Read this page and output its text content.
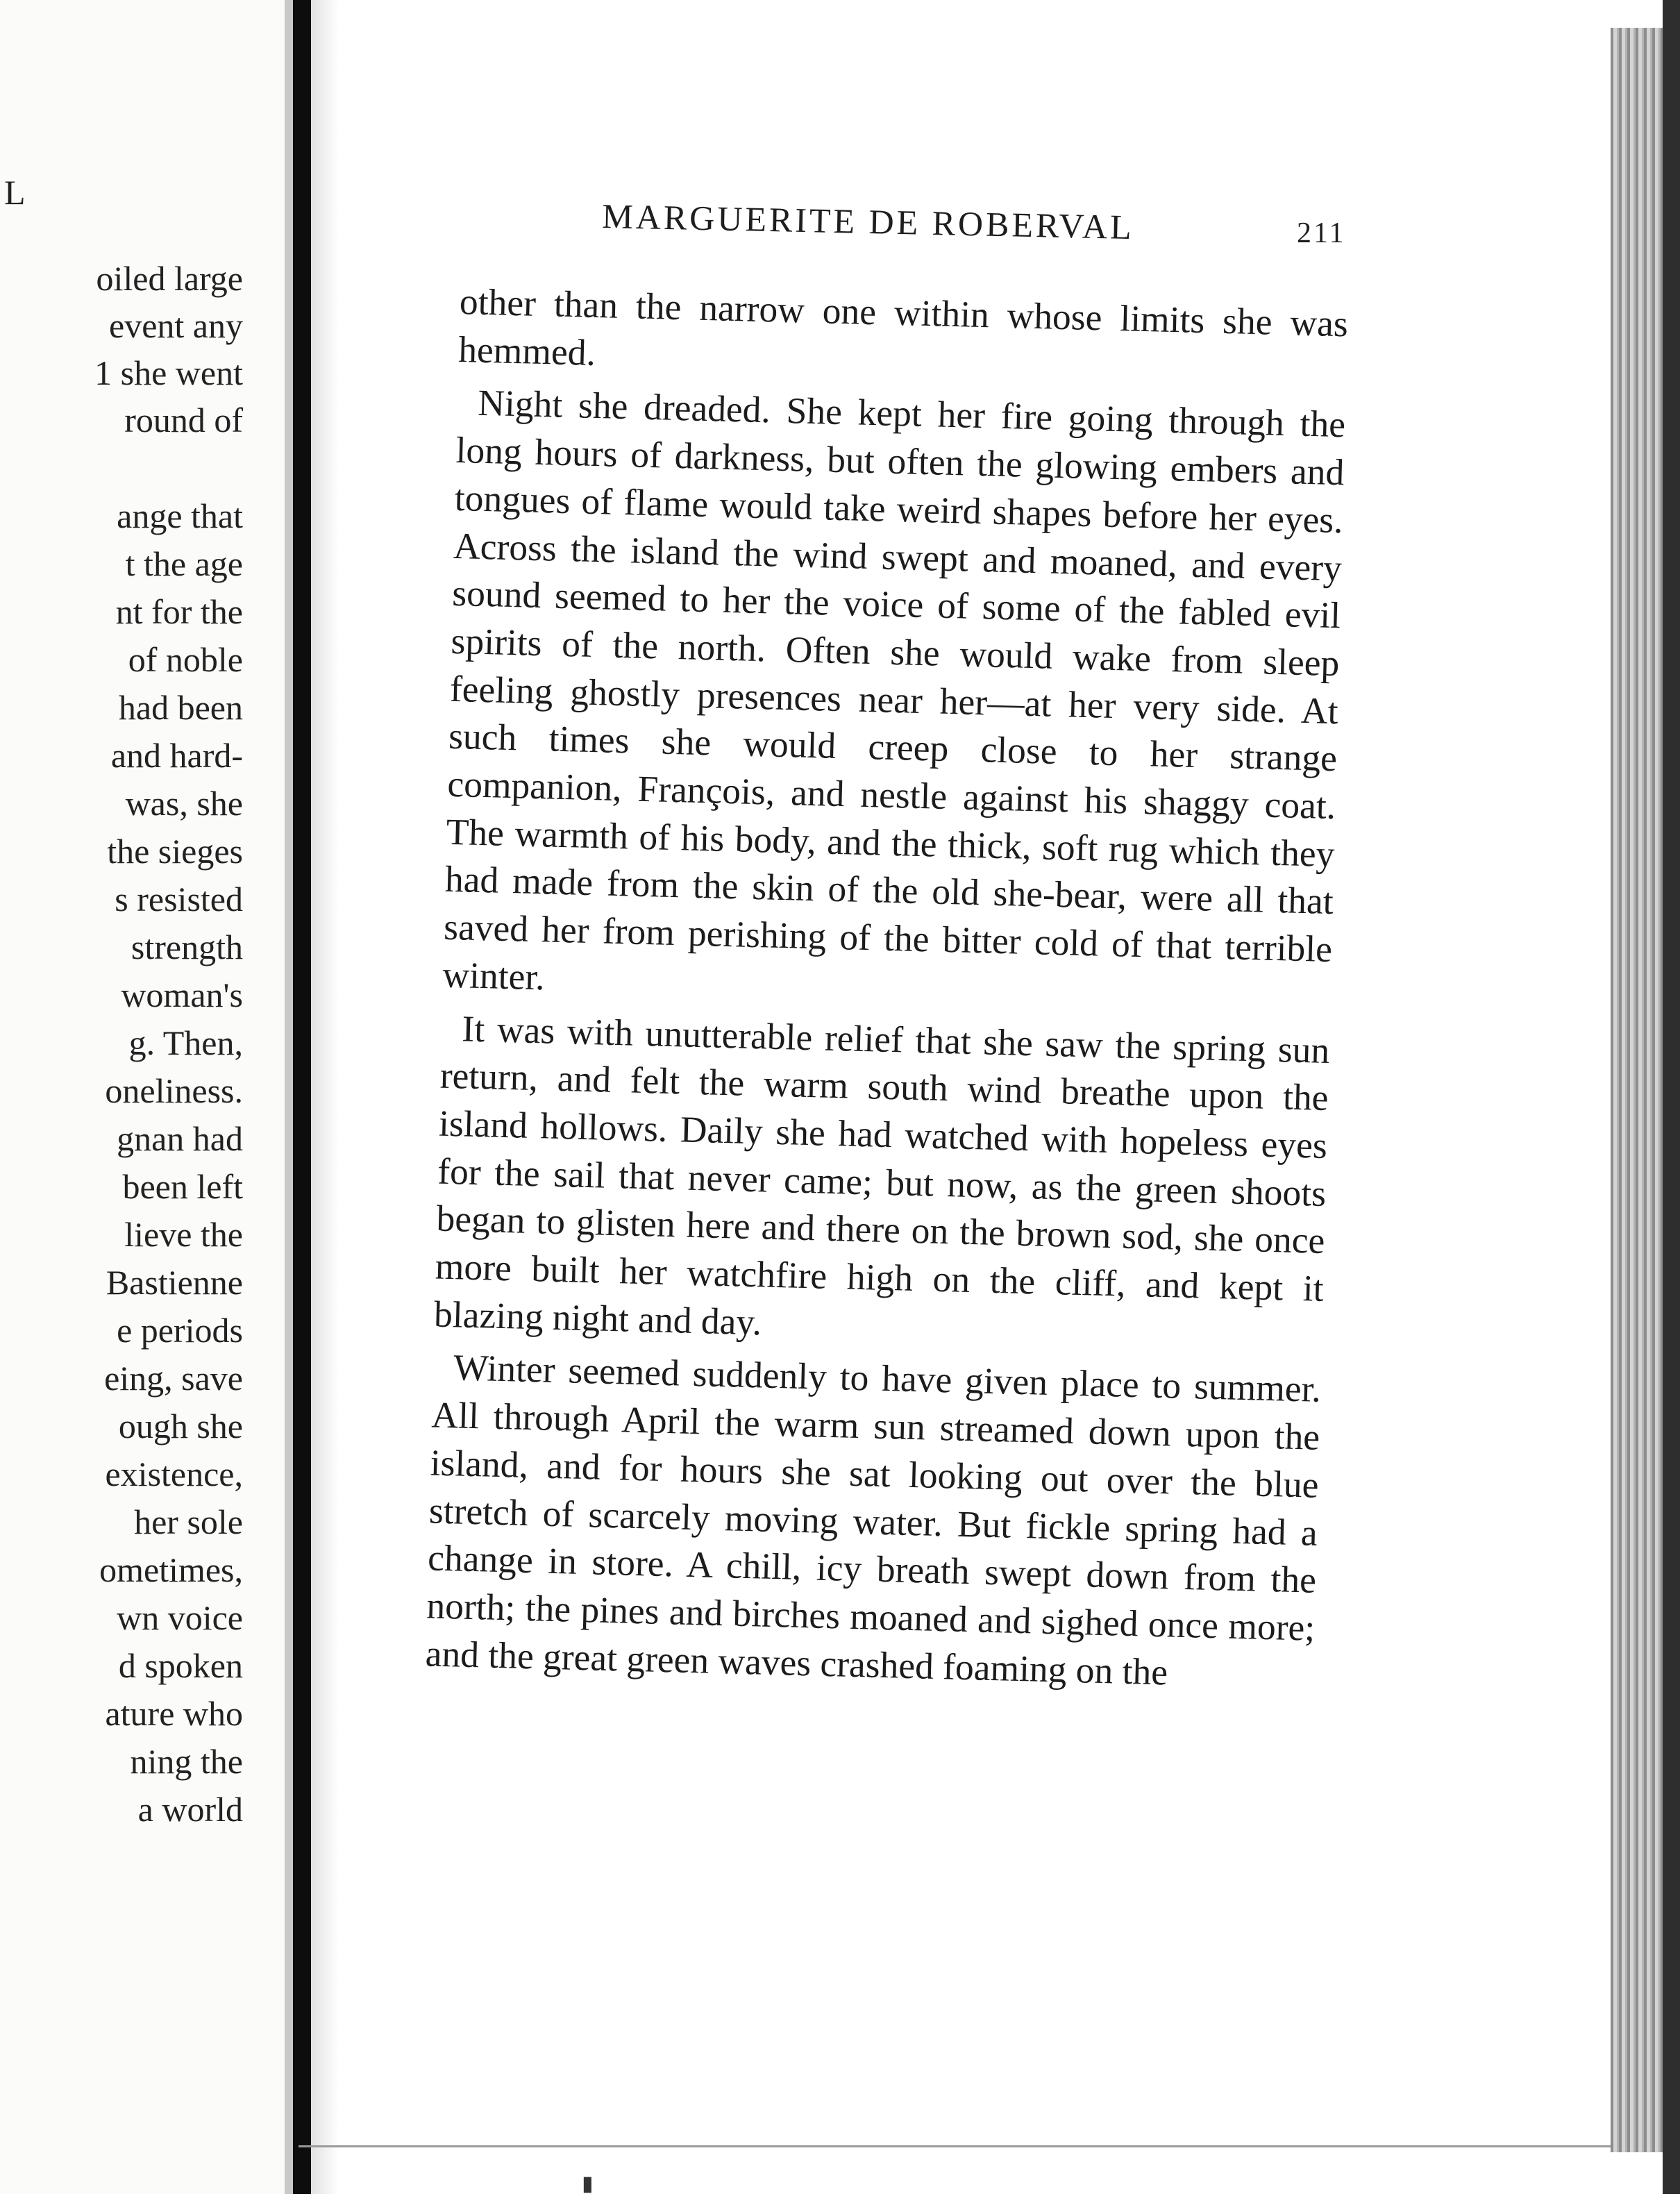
L
oiled large
event any
1 she went
round of
ange that
t the age
nt for the
of noble
had been
and hard-
was, she
the sieges
s resisted
strength
woman's
g. Then,
oneliness.
gnan had
been left
lieve the
Bastienne
e periods
eing, save
ough she
existence,
her sole
ometimes,
wn voice
d spoken
ature who
ning the
a world
MARGUERITE DE ROBERVAL	211

other than the narrow one within whose limits she was hemmed.

Night she dreaded. She kept her fire going through the long hours of darkness, but often the glowing embers and tongues of flame would take weird shapes before her eyes. Across the island the wind swept and moaned, and every sound seemed to her the voice of some of the fabled evil spirits of the north. Often she would wake from sleep feeling ghostly presences near her—at her very side. At such times she would creep close to her strange companion, François, and nestle against his shaggy coat. The warmth of his body, and the thick, soft rug which they had made from the skin of the old she-bear, were all that saved her from perishing of the bitter cold of that terrible winter.

It was with unutterable relief that she saw the spring sun return, and felt the warm south wind breathe upon the island hollows. Daily she had watched with hopeless eyes for the sail that never came; but now, as the green shoots began to glisten here and there on the brown sod, she once more built her watchfire high on the cliff, and kept it blazing night and day.

Winter seemed suddenly to have given place to summer. All through April the warm sun streamed down upon the island, and for hours she sat looking out over the blue stretch of scarcely moving water. But fickle spring had a change in store. A chill, icy breath swept down from the north; the pines and birches moaned and sighed once more; and the great green waves crashed foaming on the

▮
